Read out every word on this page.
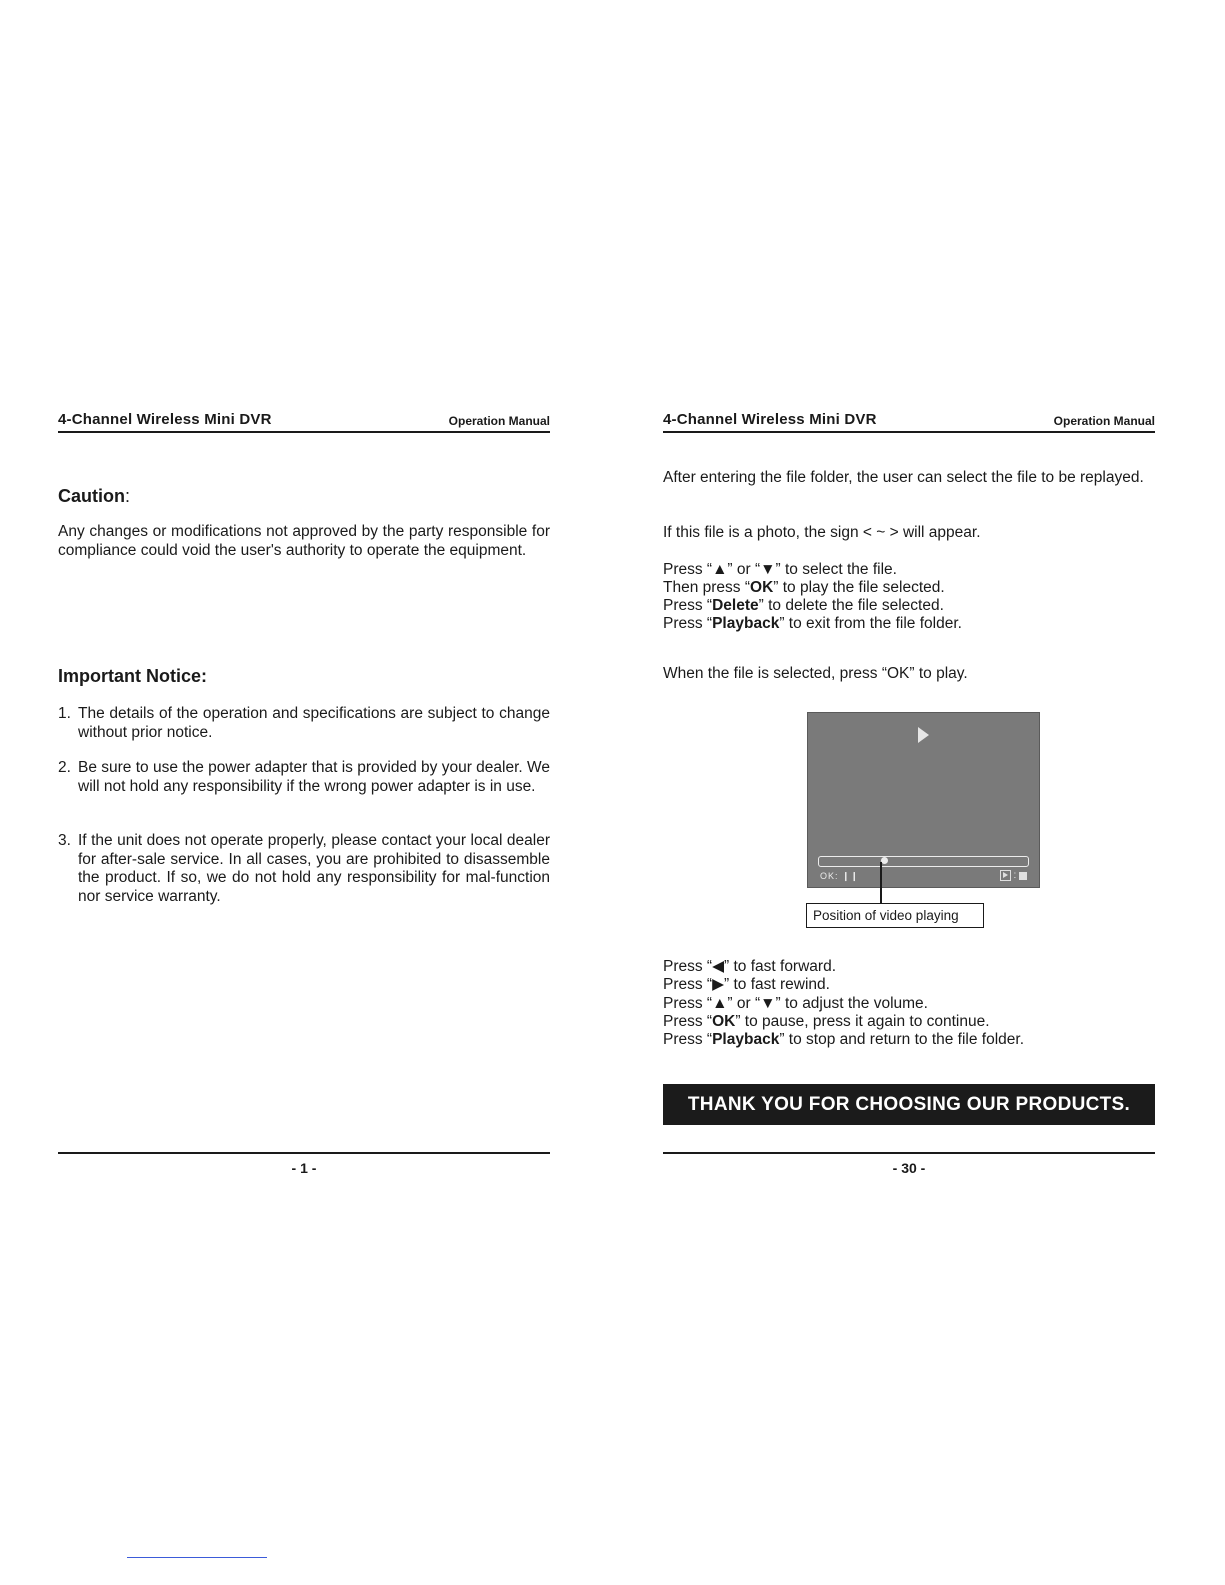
4-Channel Wireless Mini DVR	Operation Manual
Caution:
Any changes or modifications not approved by the party responsible for compliance could void the user's authority to operate the equipment.
Important Notice:
1. The details of the operation and specifications are subject to change without prior notice.
2. Be sure to use the power adapter that is provided by your dealer. We will not hold any responsibility if the wrong power adapter is in use.
3. If the unit does not operate properly, please contact your local dealer for after-sale service. In all cases, you are prohibited to disassemble the product. If so, we do not hold any responsibility for mal-function nor service warranty.
- 1 -
4-Channel Wireless Mini DVR	Operation Manual
After entering the file folder, the user can select the file to be replayed.
If this file is a photo, the sign < ~ > will appear.
Press “▲” or “▼” to select the file.
Then press “OK” to play the file selected.
Press “Delete” to delete the file selected.
Press “Playback” to exit from the file folder.
When the file is selected, press “OK” to play.
OK: ❙❙	:
Position of video playing
Press “◀” to fast forward.
Press “▶” to fast rewind.
Press “▲” or “▼” to adjust the volume.
Press “OK” to pause, press it again to continue.
Press “Playback” to stop and return to the file folder.
THANK YOU FOR CHOOSING OUR PRODUCTS.
- 30 -
